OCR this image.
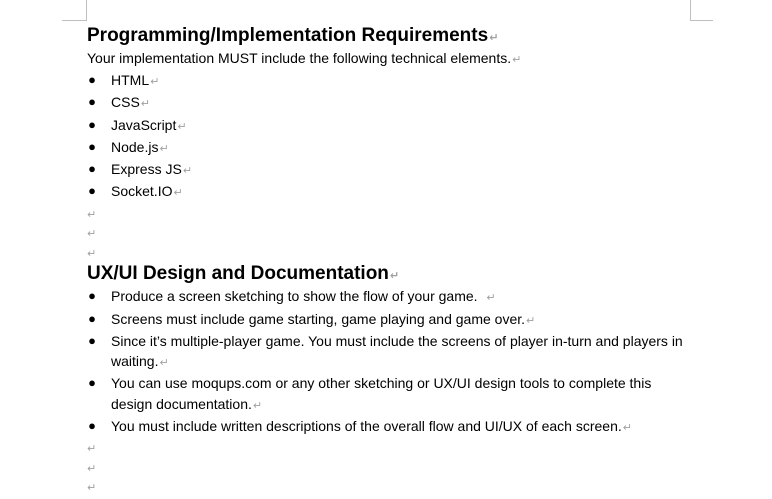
Programming/Implementation Requirements↵

Your implementation MUST include the following technical elements.↵

● HTML↵
● CSS↵
● JavaScript↵
● Node.js↵
● Express JS↵
● Socket.IO↵
↵
↵
↵

UX/UI Design and Documentation↵

● Produce a screen sketching to show the flow of your game. ↵
● Screens must include game starting, game playing and game over.↵
● Since it’s multiple-player game. You must include the screens of player in-turn and players in waiting.↵
● You can use moqups.com or any other sketching or UX/UI design tools to complete this design documentation.↵
● You must include written descriptions of the overall flow and UI/UX of each screen.↵
↵
↵
↵
